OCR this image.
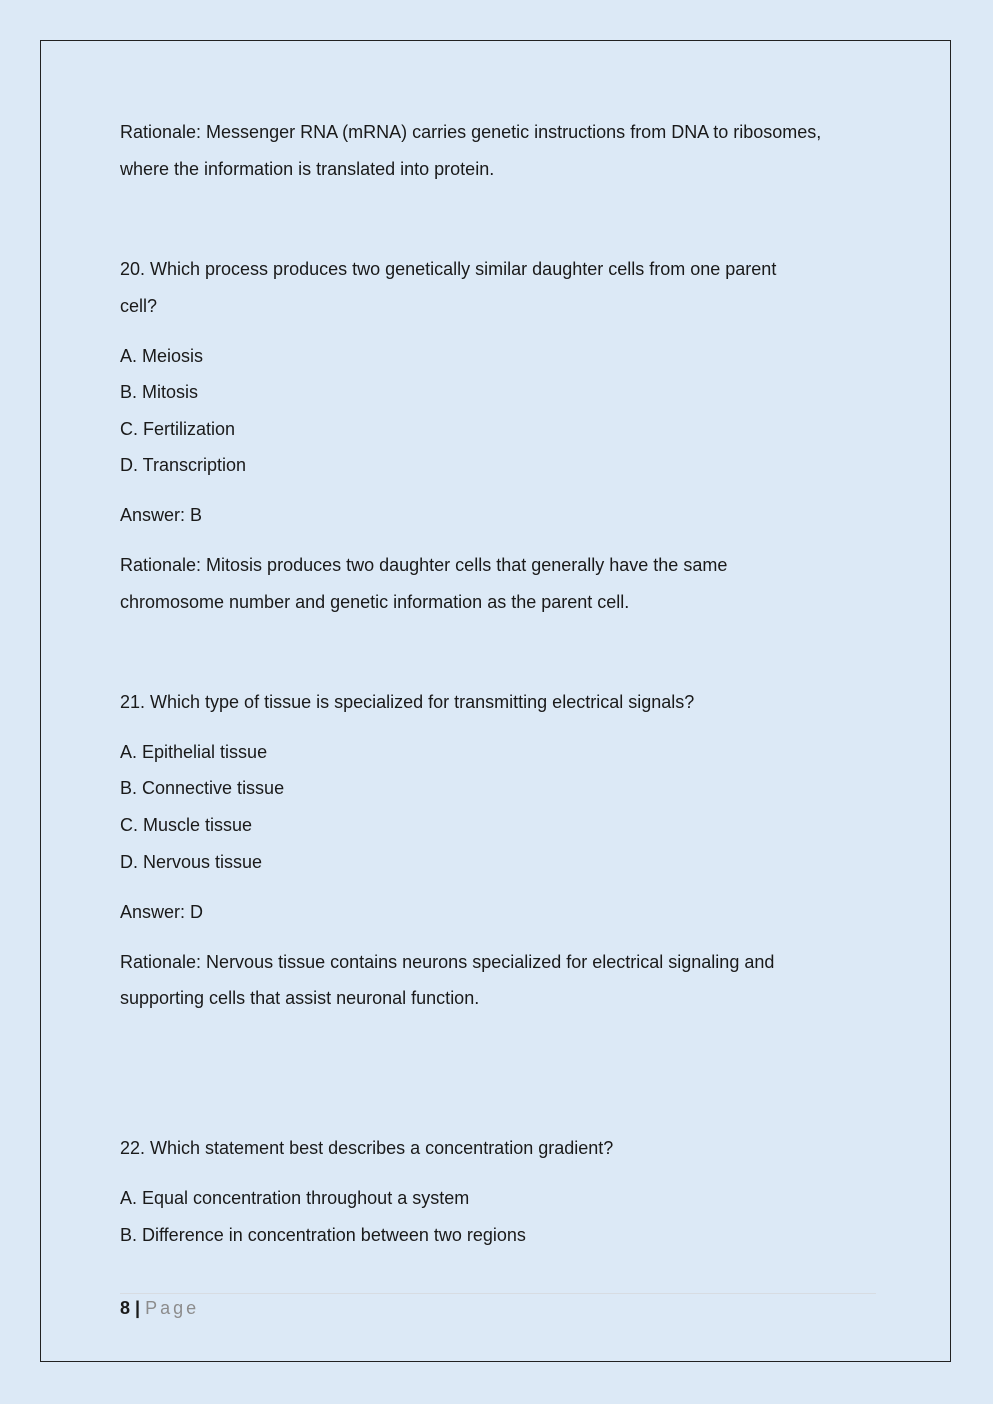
Rationale: Messenger RNA (mRNA) carries genetic instructions from DNA to ribosomes,
where the information is translated into protein.
20. Which process produces two genetically similar daughter cells from one parent
cell?
A. Meiosis
B. Mitosis
C. Fertilization
D. Transcription
Answer: B
Rationale: Mitosis produces two daughter cells that generally have the same
chromosome number and genetic information as the parent cell.
21. Which type of tissue is specialized for transmitting electrical signals?
A. Epithelial tissue
B. Connective tissue
C. Muscle tissue
D. Nervous tissue
Answer: D
Rationale: Nervous tissue contains neurons specialized for electrical signaling and
supporting cells that assist neuronal function.
22. Which statement best describes a concentration gradient?
A. Equal concentration throughout a system
B. Difference in concentration between two regions
8 | Page
